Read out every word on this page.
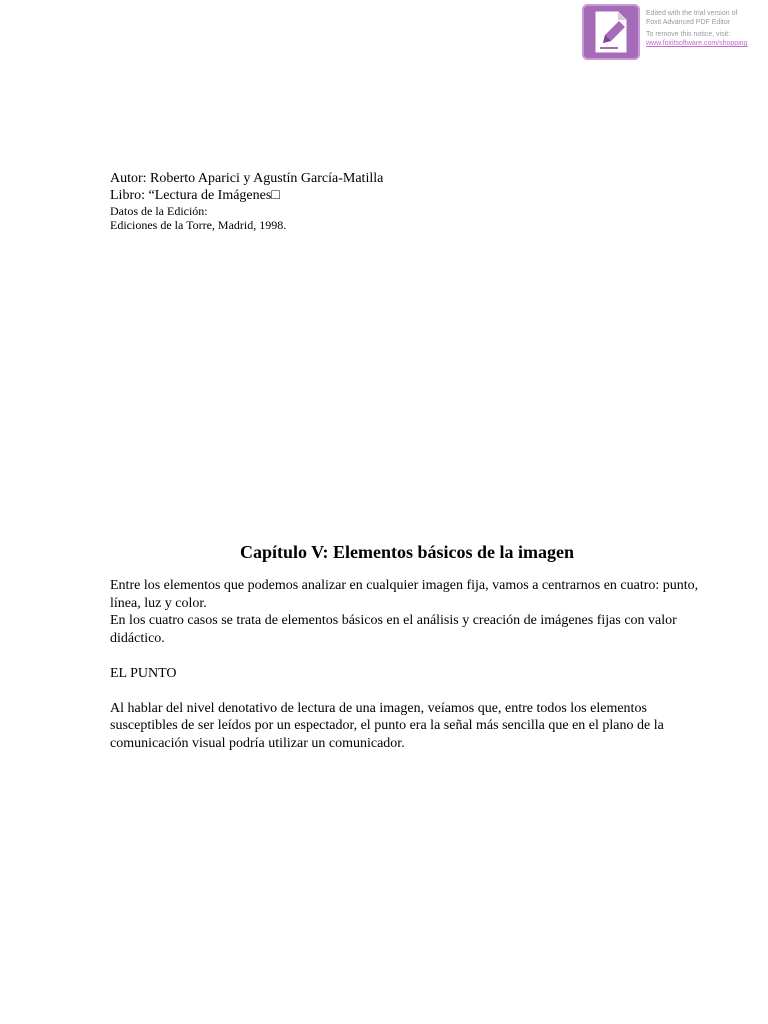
Edited with the trial version of
Foxit Advanced PDF Editor
To remove this notice, visit:
www.foxitsoftware.com/shopping
Autor: Roberto Aparici y Agustín García-Matilla
Libro: “Lectura de Imágenes□
Datos de la Edición:
Ediciones de la Torre, Madrid, 1998.
Capítulo V: Elementos básicos de la imagen

Entre los elementos que podemos analizar en cualquier imagen fija, vamos a centrarnos en cuatro: punto, línea, luz y color.

En los cuatro casos se trata de elementos básicos en el análisis y creación de imágenes fijas con valor didáctico.

EL PUNTO

Al hablar del nivel denotativo de lectura de una imagen, veíamos que, entre todos los elementos susceptibles de ser leídos por un espectador, el punto era la señal más sencilla que en el plano de la comunicación visual podría utilizar un comunicador.
